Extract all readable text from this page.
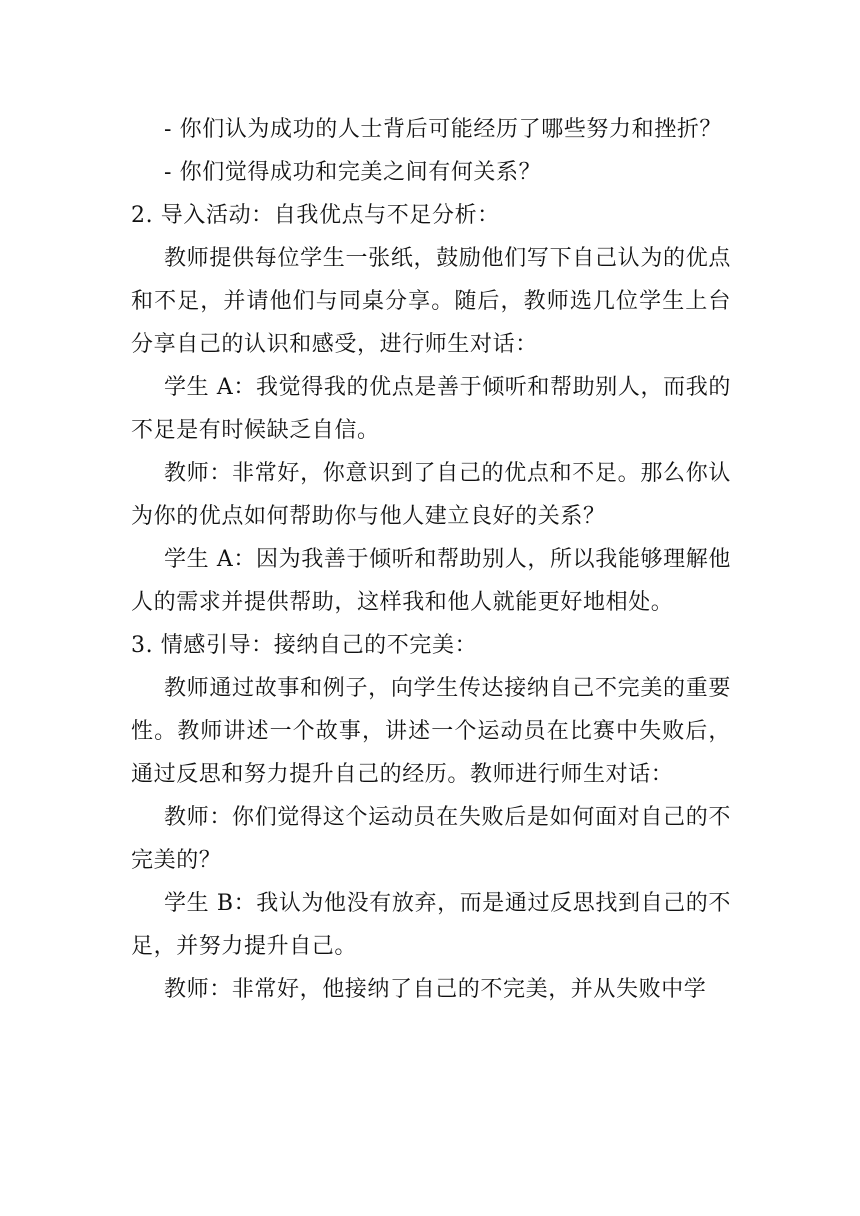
- 你们认为成功的人士背后可能经历了哪些努力和挫折？

- 你们觉得成功和完美之间有何关系？

2. 导入活动：自我优点与不足分析：

教师提供每位学生一张纸，鼓励他们写下自己认为的优点和不足，并请他们与同桌分享。随后，教师选几位学生上台分享自己的认识和感受，进行师生对话：

学生 A：我觉得我的优点是善于倾听和帮助别人，而我的不足是有时候缺乏自信。

教师：非常好，你意识到了自己的优点和不足。那么你认为你的优点如何帮助你与他人建立良好的关系？

学生 A：因为我善于倾听和帮助别人，所以我能够理解他人的需求并提供帮助，这样我和他人就能更好地相处。

3. 情感引导：接纳自己的不完美：

教师通过故事和例子，向学生传达接纳自己不完美的重要性。教师讲述一个故事，讲述一个运动员在比赛中失败后，通过反思和努力提升自己的经历。教师进行师生对话：

教师：你们觉得这个运动员在失败后是如何面对自己的不完美的？

学生 B：我认为他没有放弃，而是通过反思找到自己的不足，并努力提升自己。

教师：非常好，他接纳了自己的不完美，并从失败中学
